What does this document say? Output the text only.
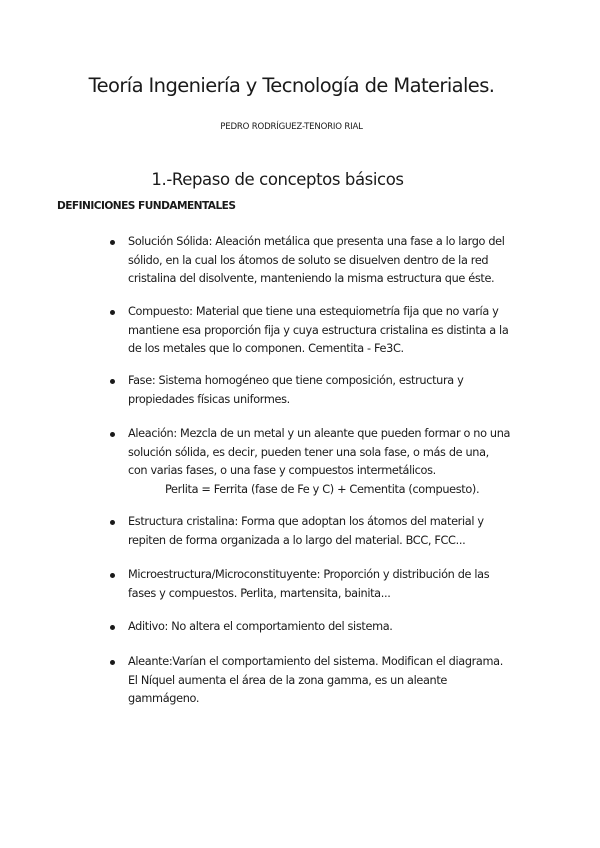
Teoría Ingeniería y Tecnología de Materiales.
PEDRO RODRÍGUEZ-TENORIO RIAL
1.-Repaso de conceptos básicos
DEFINICIONES FUNDAMENTALES
Solución Sólida: Aleación metálica que presenta una fase a lo largo del
sólido, en la cual los átomos de soluto se disuelven dentro de la red
cristalina del disolvente, manteniendo la misma estructura que éste.
Compuesto: Material que tiene una estequiometría fija que no varía y
mantiene esa proporción fija y cuya estructura cristalina es distinta a la
de los metales que lo componen. Cementita - Fe3C.
Fase: Sistema homogéneo que tiene composición, estructura y
propiedades físicas uniformes.
Aleación: Mezcla de un metal y un aleante que pueden formar o no una
solución sólida, es decir, pueden tener una sola fase, o más de una,
con varias fases, o una fase y compuestos intermetálicos.
Perlita = Ferrita (fase de Fe y C) + Cementita (compuesto).
Estructura cristalina: Forma que adoptan los átomos del material y
repiten de forma organizada a lo largo del material. BCC, FCC...
Microestructura/Microconstituyente: Proporción y distribución de las
fases y compuestos. Perlita, martensita, bainita...
Aditivo: No altera el comportamiento del sistema.
Aleante:Varían el comportamiento del sistema. Modifican el diagrama.
El Níquel aumenta el área de la zona gamma, es un aleante
gammágeno.
